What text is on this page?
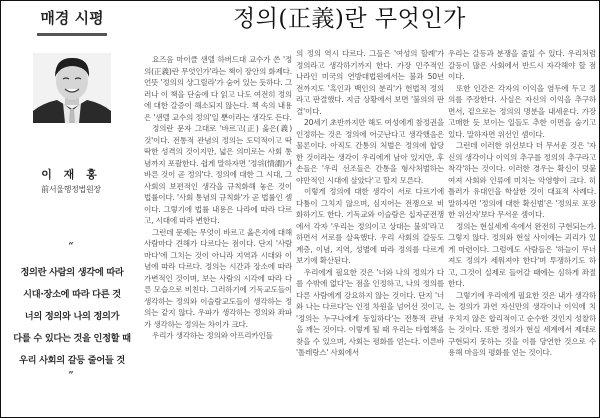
매경 시평	정의(正義)란 무엇인가
이 재 홍
前서울행정법원장
“
정의란 사람의 생각에 따라
시대·장소에 따라 다른 것
너의 정의와 나의 정의가
다를 수 있다는 것을 인정할 때
우리 사회의 갈등 줄어들 것
”

요즈음 마이클 샌델 하버드대 교수가 쓴 '정의(正義)란 무엇인가'라는 책이 장안의 화제다. 언뜻 '정의의 샹그릴라'가 숨어 있는 듯하다. 그러나 이 책을 단숨에 다 읽고 나도 여전히 정의에 대한 갈증이 해소되지 않는다. 책 속의 내용은 '샌델 교수의 정의'일 뿐이라는 생각도 든다.

정의란 문자 그대로 '바르고(正) 옳은(義) 것'이다. 전통적 관념의 정의는 도덕적이고 딱딱한 성격의 것이지만, 넓은 의미로는 사회 통념까지 포괄한다. 쉽게 말하자면 '정위(情謂)가 바른 것이 곧 정의'다. 정의에 대한 그 시대, 그 사회의 보편적인 생각을 규칙화해 놓은 것이 법률이다. '사회 통념의 규칙화'가 곧 법률인 셈이다. 그렇기에 법률 내용은 나라에 따라 다르고, 시대에 따라 변한다.

그런데 문제는 무엇이 바르고 옳은지에 대해 사람마다 견해가 다르다는 점이다. 단지 '사람마다'에 그치는 것이 아니라 지역과 시대와 이념에 따라 다르다. 정의는 시간과 장소에 따라 가변적인 것이며, 보는 사람의 시각에 따라 다른 모습으로 비친다. 그러하기에 기독교도들이 생각하는 정의와 이슬람교도들이 생각하는 정의는 같지 않다. 우파가 생각하는 정의와 좌파가 생각하는 정의는 차이가 크다.

우리가 생각하는 정의와 아프리카인들

의 정의 역시 다르다. 그들은 '여성의 할례'가 정의라고 생각하기까지 한다. 가장 민주적인 나라인 미국의 연방대법원에서는 불과 50년 전까지도 '흑인과 백인의 분리'가 헌법적 정의라고 판결했다. 지금 상황에서 보면 '불의의 판결'이다.

20세기 초반까지만 해도 여성에게 참정권을 인정하는 것은 정의에 어긋난다고 생각했음은 물론이다. 아직도 간통의 처벌은 정의에 합당한 것이라는 생각이 우리에게 남아 있지만, 후손들은 '우리 선조들은 간통을 형사처벌하는 야만적인 시대에 살았다'고 할지 모른다.

이렇게 정의에 대한 생각이 서로 다르기에 다툼이 그치지 않으며, 심지어는 전쟁으로 비화하기도 한다. 기독교와 이슬람은 십자군전쟁에서 각자 '우리는 정의이고 상대는 불의'라고 하면서 서로를 살육했다. 우리 사회의 갈등도 계층, 이념, 지역, 성별에 따라 정의를 다르게 보기에 확산된다.

우리에게 필요한 것은 '너와 나의 정의가 다를 수밖에 없다'는 점을 인정하고, 나의 정의를 다른 사람에게 강요하지 않는 것이다. 단지 '너와 나는 다르다'는 인정 차원을 넘어선 것이고, '정의는 누구나에게 동일하다'는 전통적 관념을 깨는 것이다. 이렇게 될 때 우리는 타협책을 찾을 수 있으며, 사회는 평화를 얻는다. 이른바 '톨레랑스' 사회에서

우리는 갈등과 분쟁을 줄일 수 있다. 우리처럼 갈등이 많은 사회에서 반드시 자각해야 할 점이다.

또한 인간은 각자의 이익을 염두에 두고 정의를 주장한다. 사실은 자신의 이익을 추구하면서, 겉으로는 정의의 명분을 내세운다. 가장 고매한 듯 보이는 일들도 추한 이면을 숨기고 있다. 말하자면 위선인 셈이다.

그런데 이러한 위선보다 더 무서운 것은 '자신의 생각이나 이익의 추구를 정의의 추구라고 착각'하는 것이다. 이러한 경우는 확신이 덧붙여져 사회와 인류에 미치는 악영향이 크다. 히틀러가 유대인을 학살한 것이 대표적 사례다. 말하자면 '정의에 대한 확신범'은 '정의로 포장한 위선자'보다 무서운 셈이다.

정의는 현실세계 속에서 완전히 구현되는가. 그렇지 않다. 정의와 현실 사이에는 괴리가 있게 마련이다. 그럼에도 사람들은 '하늘이 무너져도 정의가 세워져야 한다'며 투쟁하기도 하고, 그것이 실제로 들어갈 때에는 심하게 좌절한다.

그렇기에 우리에게 필요한 것은 내가 생각하는 정의가 과연 자신만의 생각이나 이익에 치우치지 않은 합리적이고 순수한 것인지 성찰하는 것이다. 또한 정의가 현실 세계에서 제대로 구현되지 못하는 것을 이를 당연한 것으로 수용해 마음의 평화를 얻는 것이다.
